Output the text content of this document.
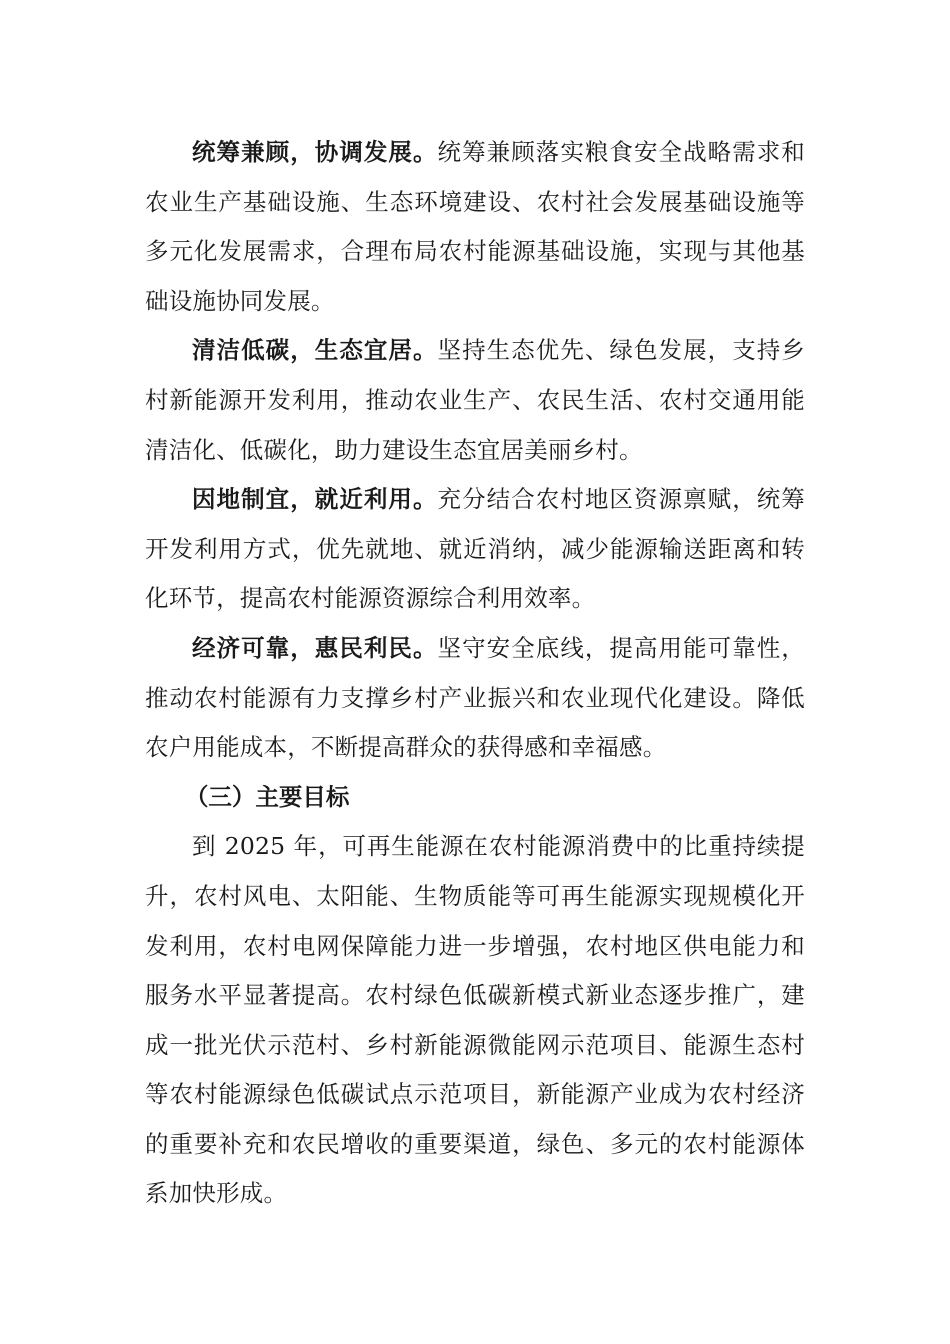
统筹兼顾，协调发展。统筹兼顾落实粮食安全战略需求和农业生产基础设施、生态环境建设、农村社会发展基础设施等多元化发展需求，合理布局农村能源基础设施，实现与其他基础设施协同发展。

清洁低碳，生态宜居。坚持生态优先、绿色发展，支持乡村新能源开发利用，推动农业生产、农民生活、农村交通用能清洁化、低碳化，助力建设生态宜居美丽乡村。

因地制宜，就近利用。充分结合农村地区资源禀赋，统筹开发利用方式，优先就地、就近消纳，减少能源输送距离和转化环节，提高农村能源资源综合利用效率。

经济可靠，惠民利民。坚守安全底线，提高用能可靠性，推动农村能源有力支撑乡村产业振兴和农业现代化建设。降低农户用能成本，不断提高群众的获得感和幸福感。

（三）主要目标

到 2025 年，可再生能源在农村能源消费中的比重持续提升，农村风电、太阳能、生物质能等可再生能源实现规模化开发利用，农村电网保障能力进一步增强，农村地区供电能力和服务水平显著提高。农村绿色低碳新模式新业态逐步推广，建成一批光伏示范村、乡村新能源微能网示范项目、能源生态村等农村能源绿色低碳试点示范项目，新能源产业成为农村经济的重要补充和农民增收的重要渠道，绿色、多元的农村能源体系加快形成。
